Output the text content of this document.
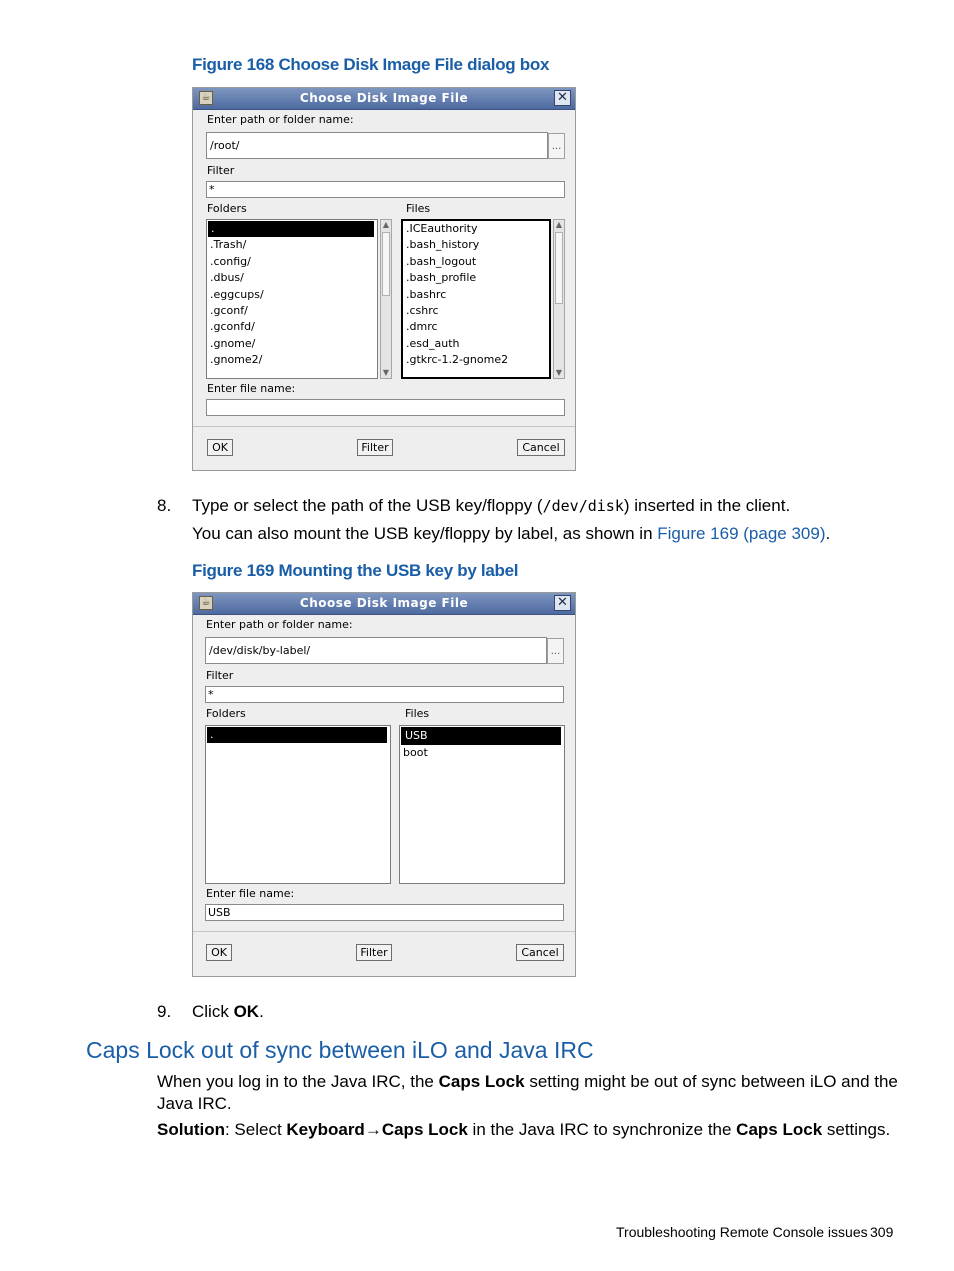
Figure 168 Choose Disk Image File dialog box
☕	Choose Disk Image File	✕
Enter path or folder name:
/root/	...
Filter
*
Folders	Files
.
.Trash/
.config/
.dbus/
.eggcups/
.gconf/
.gconfd/
.gnome/
.gnome2/
▲
▼
.ICEauthority
.bash_history
.bash_logout
.bash_profile
.bashrc
.cshrc
.dmrc
.esd_auth
.gtkrc-1.2-gnome2
▲
▼
Enter file name:
OK	Filter	Cancel
8. Type or select the path of the USB key/floppy (/dev/disk) inserted in the client.
You can also mount the USB key/floppy by label, as shown in Figure 169 (page 309).
Figure 169 Mounting the USB key by label
☕	Choose Disk Image File	✕
Enter path or folder name:
/dev/disk/by-label/	...
Filter
*
Folders	Files
.	USB
boot
Enter file name:
USB
OK	Filter	Cancel
9. Click OK.
Caps Lock out of sync between iLO and Java IRC
When you log in to the Java IRC, the Caps Lock setting might be out of sync between iLO and the
Java IRC.
Solution: Select Keyboard→Caps Lock in the Java IRC to synchronize the Caps Lock settings.
Troubleshooting Remote Console issues 309
